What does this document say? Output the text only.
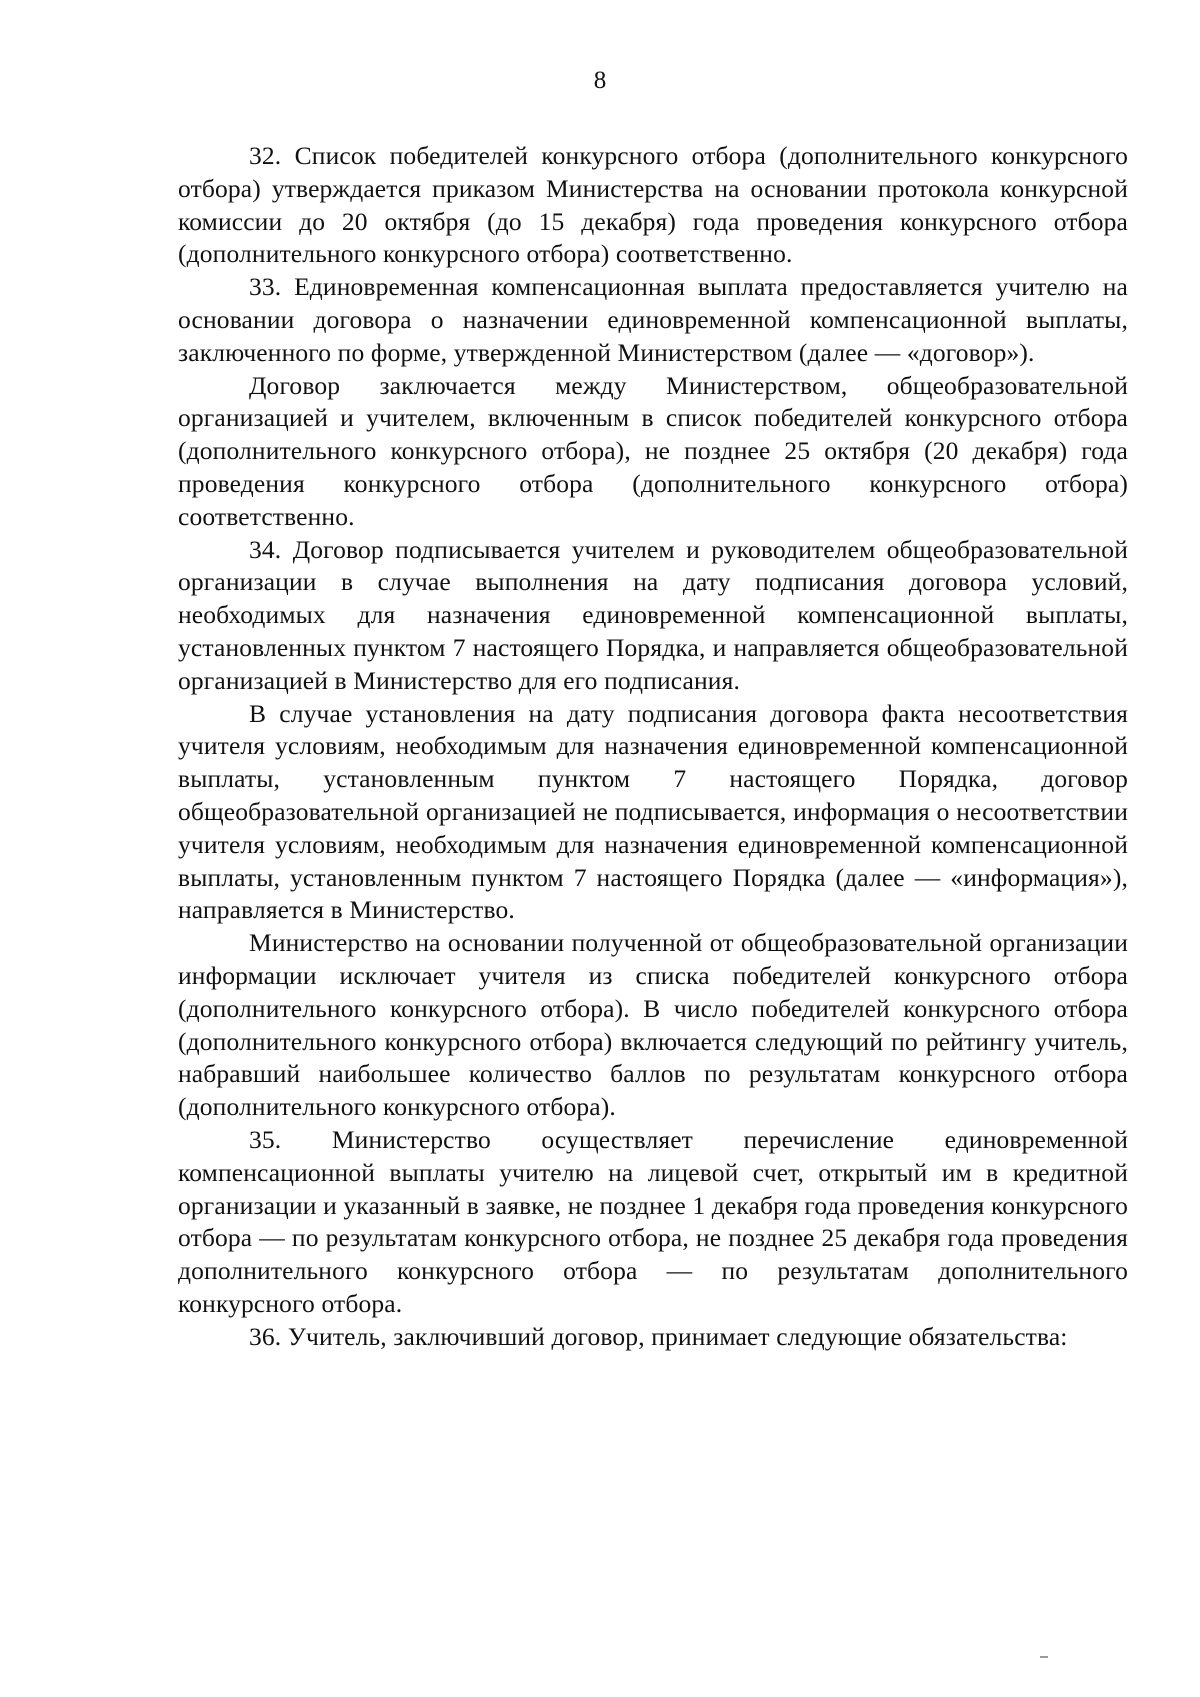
8

32. Список победителей конкурсного отбора (дополнительного конкурсного отбора) утверждается приказом Министерства на основании протокола конкурсной комиссии до 20 октября (до 15 декабря) года проведения конкурсного отбора (дополнительного конкурсного отбора) соответственно.

33. Единовременная компенсационная выплата предоставляется учителю на основании договора о назначении единовременной компенсационной выплаты, заключенного по форме, утвержденной Министерством (далее — «договор»).

Договор заключается между Министерством, общеобразовательной организацией и учителем, включенным в список победителей конкурсного отбора (дополнительного конкурсного отбора), не позднее 25 октября (20 декабря) года проведения конкурсного отбора (дополнительного конкурсного отбора) соответственно.

34. Договор подписывается учителем и руководителем общеобразовательной организации в случае выполнения на дату подписания договора условий, необходимых для назначения единовременной компенсационной выплаты, установленных пунктом 7 настоящего Порядка, и направляется общеобразовательной организацией в Министерство для его подписания.

В случае установления на дату подписания договора факта несоответствия учителя условиям, необходимым для назначения единовременной компенсационной выплаты, установленным пунктом 7 настоящего Порядка, договор общеобразовательной организацией не подписывается, информация о несоответствии учителя условиям, необходимым для назначения единовременной компенсационной выплаты, установленным пунктом 7 настоящего Порядка (далее — «информация»), направляется в Министерство.

Министерство на основании полученной от общеобразовательной организации информации исключает учителя из списка победителей конкурсного отбора (дополнительного конкурсного отбора). В число победителей конкурсного отбора (дополнительного конкурсного отбора) включается следующий по рейтингу учитель, набравший наибольшее количество баллов по результатам конкурсного отбора (дополнительного конкурсного отбора).

35. Министерство осуществляет перечисление единовременной компенсационной выплаты учителю на лицевой счет, открытый им в кредитной организации и указанный в заявке, не позднее 1 декабря года проведения конкурсного отбора — по результатам конкурсного отбора, не позднее 25 декабря года проведения дополнительного конкурсного отбора — по результатам дополнительного конкурсного отбора.

36. Учитель, заключивший договор, принимает следующие обязательства:
